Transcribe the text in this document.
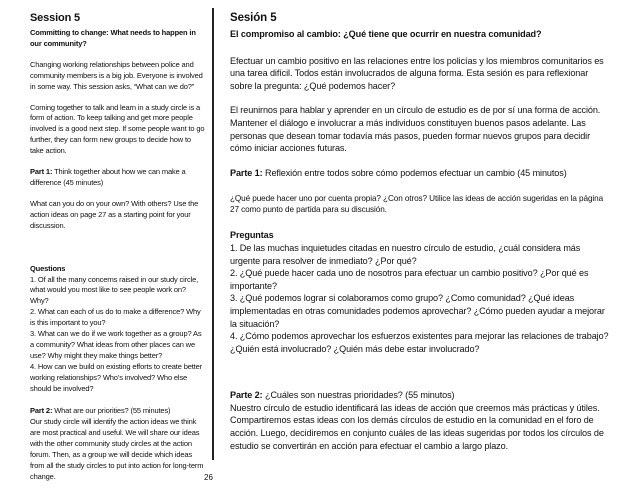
Session 5

Committing to change: What needs to happen in our community?

Changing working relationships between police and community members is a big job. Everyone is involved in some way. This session asks, “What can we do?”

Coming together to talk and learn in a study circle is a form of action. To keep talking and get more people involved is a good next step. If some people want to go further, they can form new groups to decide how to take action.

Part 1: Think together about how we can make a difference (45 minutes)

What can you do on your own? With others? Use the action ideas on page 27 as a starting point for your discussion.

Questions

1. Of all the many concerns raised in our study circle, what would you most like to see people work on? Why?

2. What can each of us do to make a difference? Why is this important to you?

3. What can we do if we work together as a group? As a community? What ideas from other places can we use? Why might they make things better?

4. How can we build on existing efforts to create better working relationships? Who’s involved? Who else should be involved?

Part 2: What are our priorities? (55 minutes)

Our study circle will identify the action ideas we think are most practical and useful. We will share our ideas with the other community study circles at the action forum. Then, as a group we will decide which ideas from all the study circles to put into action for long-term change.

Sesión 5

El compromiso al cambio: ¿Qué tiene que ocurrir en nuestra comunidad?

Efectuar un cambio positivo en las relaciones entre los policías y los miembros comunitarios es una tarea difícil. Todos están involucrados de alguna forma. Esta sesión es para reflexionar sobre la pregunta: ¿Qué podemos hacer?

El reunirnos para hablar y aprender en un círculo de estudio es de por sí una forma de acción. Mantener el diálogo e involucrar a más individuos constituyen buenos pasos adelante. Las personas que desean tomar todavía más pasos, pueden formar nuevos grupos para decidir cómo iniciar acciones futuras.

Parte 1: Reflexión entre todos sobre cómo podemos efectuar un cambio (45 minutos)

¿Qué puede hacer uno por cuenta propia? ¿Con otros? Utilice las ideas de acción sugeridas en la página 27 como punto de partida para su discusión.

Preguntas

1. De las muchas inquietudes citadas en nuestro círculo de estudio, ¿cuál considera más urgente para resolver de inmediato? ¿Por qué?

2. ¿Qué puede hacer cada uno de nosotros para efectuar un cambio positivo? ¿Por qué es importante?

3. ¿Qué podemos lograr si colaboramos como grupo? ¿Como comunidad? ¿Qué ideas implementadas en otras comunidades podemos aprovechar? ¿Cómo pueden ayudar a mejorar la situación?

4. ¿Cómo podemos aprovechar los esfuerzos existentes para mejorar las relaciones de trabajo? ¿Quién está involucrado? ¿Quién más debe estar involucrado?

Parte 2: ¿Cuáles son nuestras prioridades? (55 minutos)

Nuestro círculo de estudio identificará las ideas de acción que creemos más prácticas y útiles. Compartiremos estas ideas con los demás círculos de estudio en la comunidad en el foro de acción. Luego, decidiremos en conjunto cuáles de las ideas sugeridas por todos los círculos de estudio se convertirán en acción para efectuar el cambio a largo plazo.

26
